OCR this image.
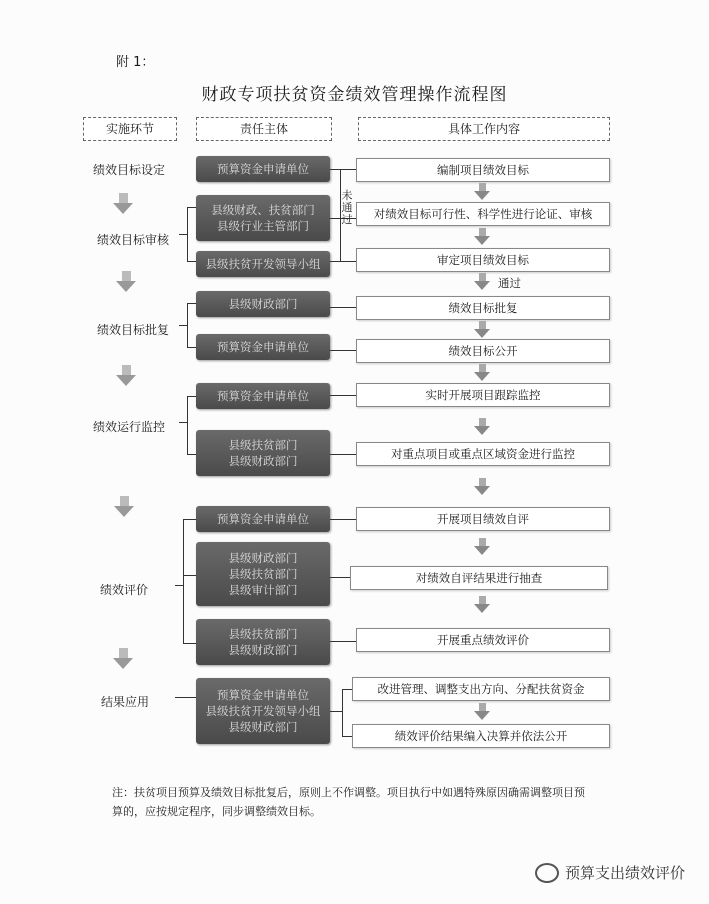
附 1：
财政专项扶贫资金绩效管理操作流程图
实施环节	责任主体	具体工作内容
绩效目标设定
绩效目标审核
绩效目标批复
绩效运行监控
绩效评价
结果应用
预算资金申请单位
县级财政、扶贫部门
县级行业主管部门
县级扶贫开发领导小组
县级财政部门
预算资金申请单位
预算资金申请单位
县级扶贫部门
县级财政部门
预算资金申请单位
县级财政部门
县级扶贫部门
县级审计部门
县级扶贫部门
县级财政部门
预算资金申请单位
县级扶贫开发领导小组
县级财政部门
编制项目绩效目标
对绩效目标可行性、科学性进行论证、审核
审定项目绩效目标
通过
绩效目标批复
绩效目标公开
实时开展项目跟踪监控
对重点项目或重点区域资金进行监控
开展项目绩效自评
对绩效自评结果进行抽查
开展重点绩效评价
改进管理、调整支出方向、分配扶贫资金
绩效评价结果编入决算并依法公开
未通过
注：扶贫项目预算及绩效目标批复后，原则上不作调整。项目执行中如遇特殊原因确需调整项目预算的，应按规定程序，同步调整绩效目标。
预算支出绩效评价
